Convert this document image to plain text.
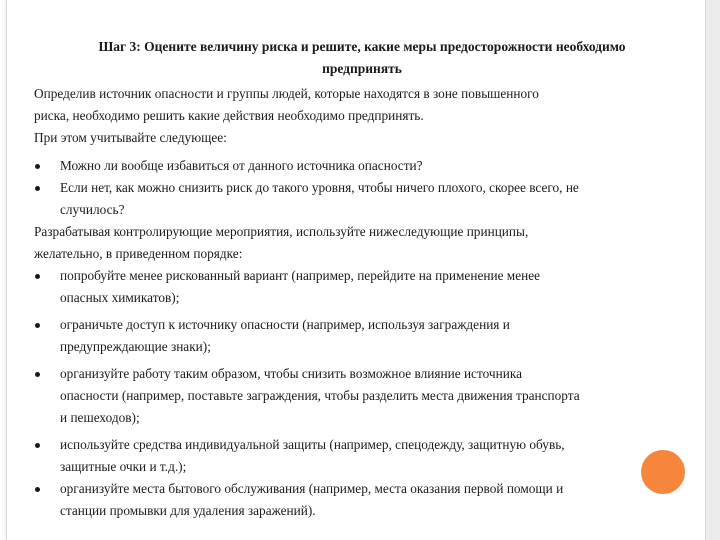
Шаг 3: Оцените величину риска и решите, какие меры предосторожности необходимо
предпринять

Определив источник опасности и группы людей, которые находятся в зоне повышенного

риска, необходимо решить какие действия необходимо предпринять.

При этом учитывайте следующее:

Можно ли вообще избавиться от данного источника опасности?
Если нет, как можно снизить риск до такого уровня, чтобы ничего плохого, скорее всего, не
случилось?

Разрабатывая контролирующие мероприятия, используйте нижеследующие принципы,

желательно, в приведенном порядке:

попробуйте менее рискованный вариант (например, перейдите на применение менее
опасных химикатов);
ограничьте доступ к источнику опасности (например, используя заграждения и
предупреждающие знаки);
организуйте работу таким образом, чтобы снизить возможное влияние источника
опасности (например, поставьте заграждения, чтобы разделить места движения транспорта
и пешеходов);
используйте средства индивидуальной защиты (например, спецодежду, защитную обувь,
защитные очки и т.д.);
организуйте места бытового обслуживания (например, места оказания первой помощи и
станции промывки для удаления заражений).
